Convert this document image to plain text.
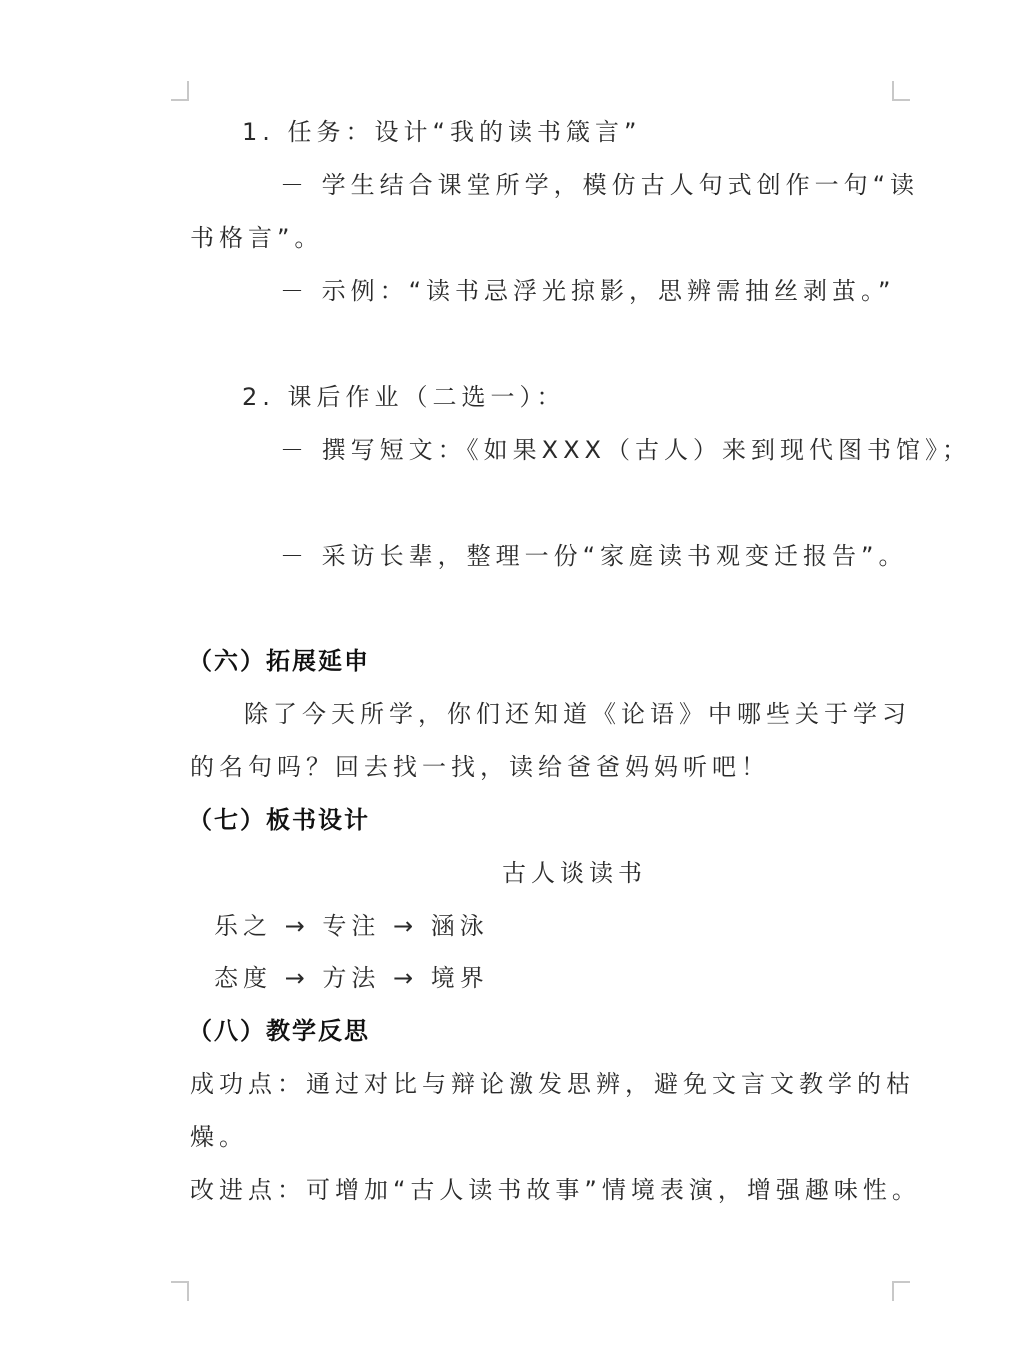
1. 任务：设计“我的读书箴言”
－ 学生结合课堂所学，模仿古人句式创作一句“读
书格言”。
－ 示例：“读书忌浮光掠影，思辨需抽丝剥茧。”
2. 课后作业（二选一）：
－ 撰写短文：《如果XXX（古人）来到现代图书馆》；
－ 采访长辈，整理一份“家庭读书观变迁报告”。
（六）拓展延申
除了今天所学，你们还知道《论语》中哪些关于学习
的名句吗？回去找一找，读给爸爸妈妈听吧！
（七）板书设计
古人谈读书
乐之 → 专注 → 涵泳
态度 → 方法 → 境界
（八）教学反思
成功点：通过对比与辩论激发思辨，避免文言文教学的枯
燥。
改进点：可增加“古人读书故事”情境表演，增强趣味性。
